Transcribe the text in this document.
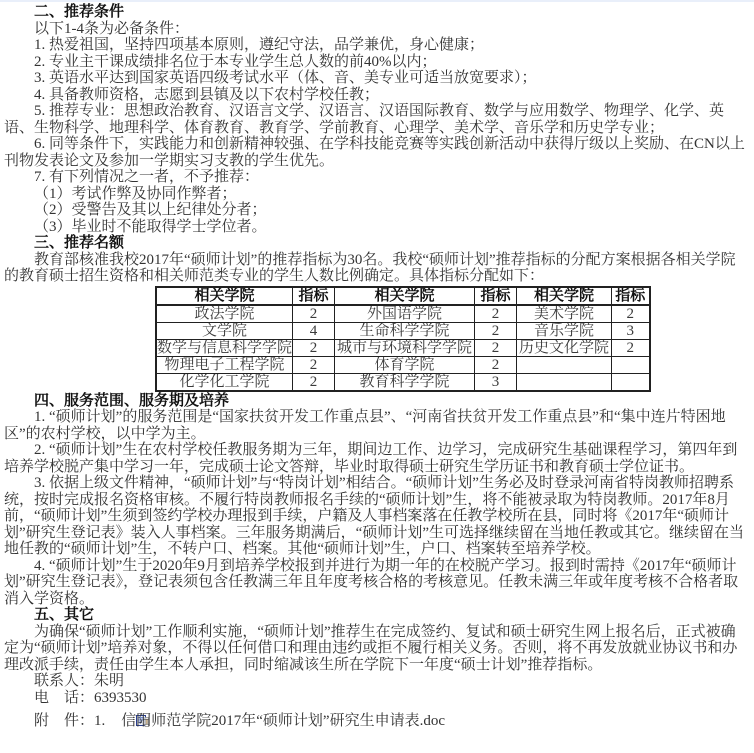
二、推荐条件

以下1-4条为必备条件：

1. 热爱祖国，坚持四项基本原则，遵纪守法，品学兼优，身心健康；

2. 专业主干课成绩排名位于本专业学生总人数的前40%以内；

3. 英语水平达到国家英语四级考试水平（体、音、美专业可适当放宽要求）；

4. 具备教师资格，志愿到县镇及以下农村学校任教；

5. 推荐专业：思想政治教育、汉语言文学、汉语言、汉语国际教育、数学与应用数学、物理学、化学、英语、生物科学、地理科学、体育教育、教育学、学前教育、心理学、美术学、音乐学和历史学专业；

6. 同等条件下，实践能力和创新精神较强、在学科技能竞赛等实践创新活动中获得厅级以上奖励、在CN以上刊物发表论文及参加一学期实习支教的学生优先。

7. 有下列情况之一者，不予推荐：

（1）考试作弊及协同作弊者；

（2）受警告及其以上纪律处分者；

（3）毕业时不能取得学士学位者。

三、推荐名额

教育部核准我校2017年“硕师计划”的推荐指标为30名。我校“硕师计划”推荐指标的分配方案根据各相关学院的教育硕士招生资格和相关师范类专业的学生人数比例确定。具体指标分配如下：

相关学院	指标	相关学院	指标	相关学院	指标
政法学院	2	外国语学院	2	美术学院	2
文学院	4	生命科学学院	2	音乐学院	3
数学与信息科学学院	2	城市与环境科学学院	2	历史文化学院	2
物理电子工程学院	2	体育学院	2		
化学化工学院	2	教育科学学院	3		

四、服务范围、服务期及培养

1. “硕师计划”的服务范围是“国家扶贫开发工作重点县”、“河南省扶贫开发工作重点县”和“集中连片特困地区”的农村学校，以中学为主。

2. “硕师计划”生在农村学校任教服务期为三年，期间边工作、边学习，完成研究生基础课程学习，第四年到培养学校脱产集中学习一年，完成硕士论文答辩，毕业时取得硕士研究生学历证书和教育硕士学位证书。

3. 依据上级文件精神，“硕师计划”与“特岗计划”相结合。“硕师计划”生务必及时登录河南省特岗教师招聘系统，按时完成报名资格审核。不履行特岗教师报名手续的“硕师计划”生，将不能被录取为特岗教师。2017年8月前，“硕师计划”生须到签约学校办理报到手续，户籍及人事档案落在任教学校所在县，同时将《2017年“硕师计划”研究生登记表》装入人事档案。三年服务期满后，“硕师计划”生可选择继续留在当地任教或其它。继续留在当地任教的“硕师计划”生，不转户口、档案。其他“硕师计划”生，户口、档案转至培养学校。

4. “硕师计划”生于2020年9月到培养学校报到并进行为期一年的在校脱产学习。报到时需持《2017年“硕师计划”研究生登记表》，登记表须包含任教满三年且年度考核合格的考核意见。任教未满三年或年度考核不合格者取消入学资格。

五、其它

为确保“硕师计划”工作顺利实施，“硕师计划”推荐生在完成签约、复试和硕士研究生网上报名后，正式被确定为“硕师计划”培养对象，不得以任何借口和理由违约或拒不履行相关义务。否则，将不再发放就业协议书和办理改派手续，责任由学生本人承担，同时缩减该生所在学院下一年度“硕士计划”推荐指标。

联系人：朱明

电　话：6393530

附　件：1. 信阳师范学院2017年“硕师计划”研究生申请表.doc
